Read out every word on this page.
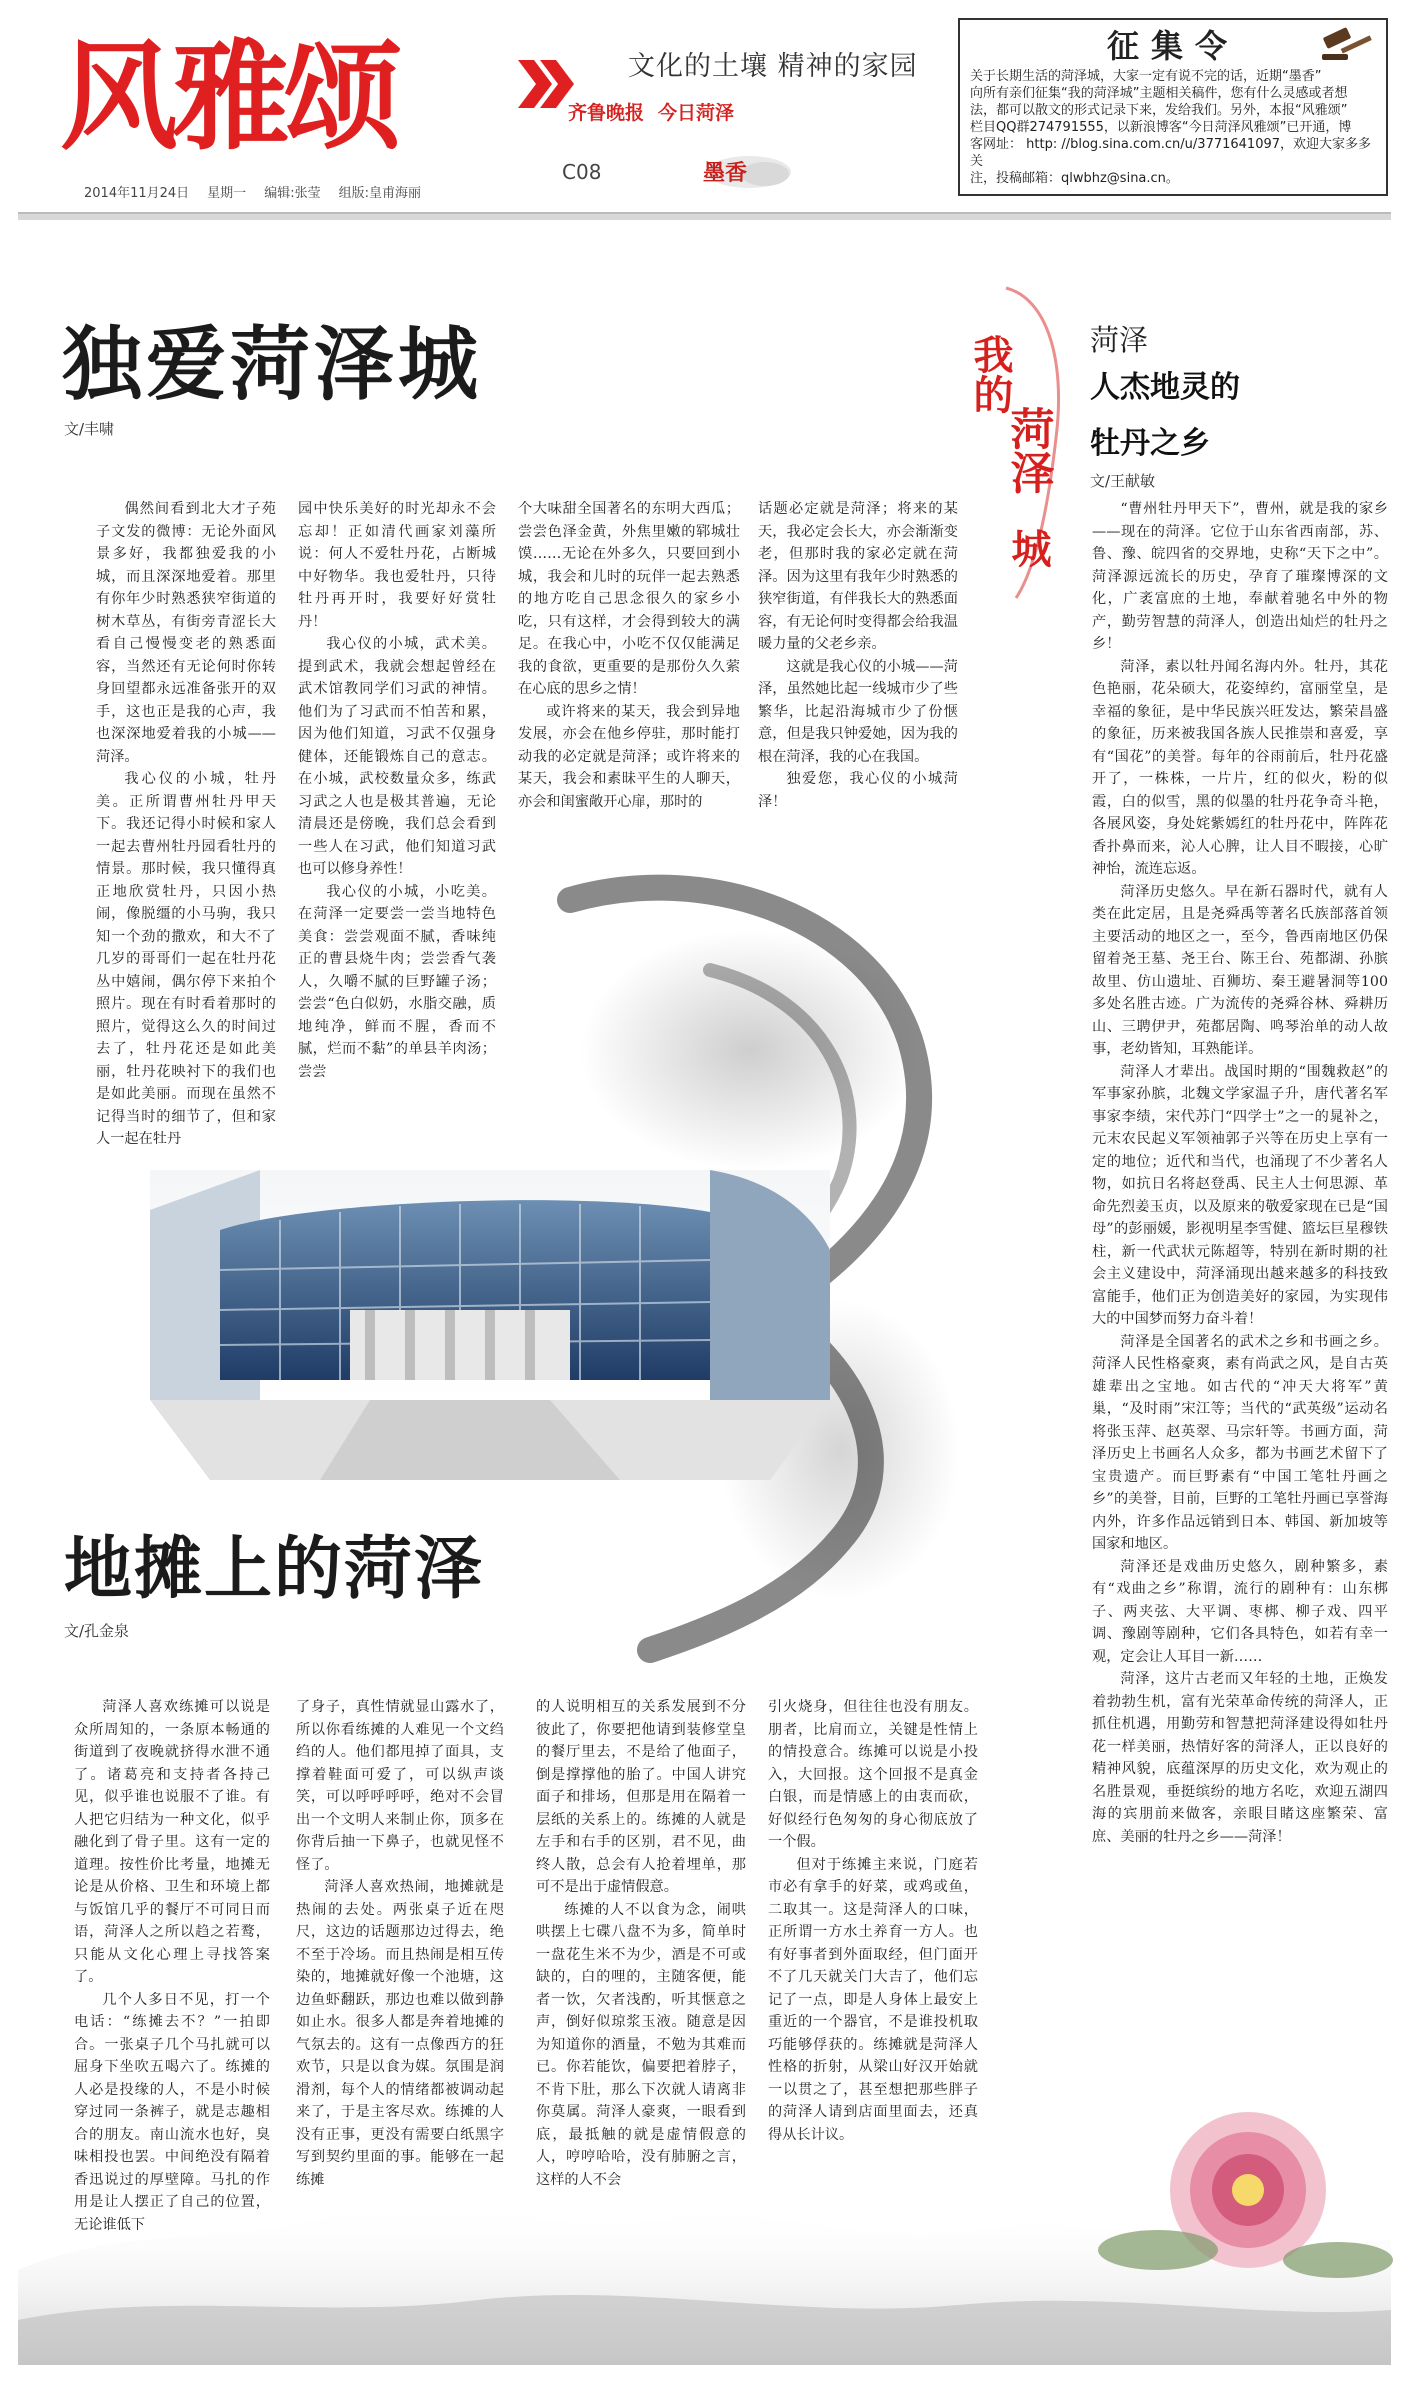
风雅颂	文化的土壤 精神的家园
齐鲁晚报 今日菏泽
C08	墨香
2014年11月24日 星期一 编辑:张莹 组版:皇甫海丽
征集令

关于长期生活的菏泽城，大家一定有说不完的话，近期“墨香”

向所有亲们征集“我的菏泽城”主题相关稿件，您有什么灵感或者想

法，都可以散文的形式记录下来，发给我们。另外，本报“风雅颂”

栏目QQ群274791555，以新浪博客“今日菏泽风雅颂”已开通，博

客网址： http: //blog.sina.com.cn/u/3771641097，欢迎大家多多关

注，投稿邮箱：qlwbhz@sina.cn。

独爱菏泽城
文/丰啸

偶然间看到北大才子苑子文发的微博：无论外面风景多好，我都独爱我的小城，而且深深地爱着。那里有你年少时熟悉狭窄街道的树木草丛，有街旁青涩长大看自己慢慢变老的熟悉面容，当然还有无论何时你转身回望都永远准备张开的双手，这也正是我的心声，我也深深地爱着我的小城——菏泽。

我心仪的小城，牡丹美。正所谓曹州牡丹甲天下。我还记得小时候和家人一起去曹州牡丹园看牡丹的情景。那时候，我只懂得真正地欣赏牡丹，只因小热闹，像脱缰的小马驹，我只知一个劲的撒欢，和大不了几岁的哥哥们一起在牡丹花丛中嬉闹，偶尔停下来拍个照片。现在有时看着那时的照片，觉得这么久的时间过去了，牡丹花还是如此美丽，牡丹花映衬下的我们也是如此美丽。而现在虽然不记得当时的细节了，但和家人一起在牡丹

园中快乐美好的时光却永不会忘却！正如清代画家刘藻所说：何人不爱牡丹花，占断城中好物华。我也爱牡丹，只待牡丹再开时，我要好好赏牡丹！

我心仪的小城，武术美。提到武术，我就会想起曾经在武术馆教同学们习武的神情。他们为了习武而不怕苦和累，因为他们知道，习武不仅强身健体，还能锻炼自己的意志。在小城，武校数量众多，练武习武之人也是极其普遍，无论清晨还是傍晚，我们总会看到一些人在习武，他们知道习武也可以修身养性！

我心仪的小城，小吃美。在菏泽一定要尝一尝当地特色美食：尝尝观面不腻，香味纯正的曹县烧牛肉；尝尝香气袭人，久嚼不腻的巨野罐子汤；尝尝“色白似奶，水脂交融，质地纯净，鲜而不腥，香而不腻，烂而不黏”的单县羊肉汤；尝尝

个大味甜全国著名的东明大西瓜；尝尝色泽金黄，外焦里嫩的郓城壮馍……无论在外多久，只要回到小城，我会和儿时的玩伴一起去熟悉的地方吃自己思念很久的家乡小吃，只有这样，才会得到较大的满足。在我心中，小吃不仅仅能满足我的食欲，更重要的是那份久久萦在心底的思乡之情！

或许将来的某天，我会到异地发展，亦会在他乡停驻，那时能打动我的必定就是菏泽；或许将来的某天，我会和素昧平生的人聊天，亦会和闺蜜敞开心扉，那时的

话题必定就是菏泽；将来的某天，我必定会长大，亦会渐渐变老，但那时我的家必定就在菏泽。因为这里有我年少时熟悉的狭窄街道，有伴我长大的熟悉面容，有无论何时变得都会给我温暖力量的父老乡亲。

这就是我心仪的小城——菏泽，虽然她比起一线城市少了些繁华，比起沿海城市少了份惬意，但是我只钟爱她，因为我的根在菏泽，我的心在我国。

独爱您，我心仪的小城菏泽！

地摊上的菏泽
文/孔金泉

菏泽人喜欢练摊可以说是众所周知的，一条原本畅通的街道到了夜晚就挤得水泄不通了。诸葛亮和支持者各持己见，似乎谁也说服不了谁。有人把它归结为一种文化，似乎融化到了骨子里。这有一定的道理。按性价比考量，地摊无论是从价格、卫生和环境上都与饭馆几乎的餐厅不可同日而语，菏泽人之所以趋之若鹜，只能从文化心理上寻找答案了。

几个人多日不见，打一个电话：“练摊去不？”一拍即合。一张桌子几个马扎就可以屈身下坐吹五喝六了。练摊的人必是投缘的人，不是小时候穿过同一条裤子，就是志趣相合的朋友。南山流水也好，臭味相投也罢。中间绝没有隔着香迅说过的厚壁障。马扎的作用是让人摆正了自己的位置，无论谁低下

了身子，真性情就显山露水了，所以你看练摊的人难见一个文绉绉的人。他们都甩掉了面具，支撑着鞋面可爱了，可以纵声谈笑，可以呼呼呼呼，绝对不会冒出一个文明人来制止你，顶多在你背后抽一下鼻子，也就见怪不怪了。

菏泽人喜欢热闹，地摊就是热闹的去处。两张桌子近在咫尺，这边的话题那边过得去，绝不至于冷场。而且热闹是相互传染的，地摊就好像一个池塘，这边鱼虾翻跃，那边也难以做到静如止水。很多人都是奔着地摊的气氛去的。这有一点像西方的狂欢节，只是以食为媒。氛围是润滑剂，每个人的情绪都被调动起来了，于是主客尽欢。练摊的人没有正事，更没有需要白纸黑字写到契约里面的事。能够在一起练摊

的人说明相互的关系发展到不分彼此了，你要把他请到装修堂皇的餐厅里去，不是给了他面子，倒是撑撑他的胎了。中国人讲究面子和排场，但那是用在隔着一层纸的关系上的。练摊的人就是左手和右手的区别，君不见，曲终人散，总会有人抢着埋单，那可不是出于虚情假意。

练摊的人不以食为念，闹哄哄摆上七碟八盘不为多，简单时一盘花生米不为少，酒是不可或缺的，白的哩的，主随客便，能者一饮，欠者浅酌，听其惬意之声，倒好似琼浆玉液。随意是因为知道你的酒量，不勉为其难而已。你若能饮，偏要把着脖子，不肯下肚，那么下次就人请离非你莫属。菏泽人豪爽，一眼看到底，最抵触的就是虚情假意的人，哼哼哈哈，没有肺腑之言，这样的人不会

引火烧身，但往往也没有朋友。朋者，比肩而立，关键是性情上的情投意合。练摊可以说是小投入，大回报。这个回报不是真金白银，而是情感上的由衷而砍，好似经行色匆匆的身心彻底放了一个假。

但对于练摊主来说，门庭若市必有拿手的好菜，或鸡或鱼，二取其一。这是菏泽人的口味，正所谓一方水土养育一方人。也有好事者到外面取经，但门面开不了几天就关门大吉了，他们忘记了一点，即是人身体上最安上重近的一个器官，不是谁投机取巧能够俘获的。练摊就是菏泽人性格的折射，从梁山好汉开始就一以贯之了，甚至想把那些胖子的菏泽人请到店面里面去，还真得从长计议。

我的
菏泽
城
菏泽
人杰地灵的
牡丹之乡
文/王献敏

“曹州牡丹甲天下”，曹州，就是我的家乡——现在的菏泽。它位于山东省西南部，苏、鲁、豫、皖四省的交界地，史称“天下之中”。菏泽源远流长的历史，孕育了璀璨博深的文化，广袤富庶的土地，奉献着驰名中外的物产，勤劳智慧的菏泽人，创造出灿烂的牡丹之乡！

菏泽，素以牡丹闻名海内外。牡丹，其花色艳丽，花朵硕大，花姿绰约，富丽堂皇，是幸福的象征，是中华民族兴旺发达，繁荣昌盛的象征，历来被我国各族人民推崇和喜爱，享有“国花”的美誉。每年的谷雨前后，牡丹花盛开了，一株株，一片片，红的似火，粉的似霞，白的似雪，黑的似墨的牡丹花争奇斗艳，各展风姿，身处姹紫嫣红的牡丹花中，阵阵花香扑鼻而来，沁人心脾，让人目不暇接，心旷神怡，流连忘返。

菏泽历史悠久。早在新石器时代，就有人类在此定居，且是尧舜禹等著名氏族部落首领主要活动的地区之一，至今，鲁西南地区仍保留着尧王墓、尧王台、陈王台、苑都湖、孙膑故里、仿山遗址、百狮坊、秦王避暑洞等100多处名胜古迹。广为流传的尧舜谷林、舜耕历山、三聘伊尹，苑都居陶、鸣琴治单的动人故事，老幼皆知，耳熟能详。

菏泽人才辈出。战国时期的“围魏救赵”的军事家孙膑，北魏文学家温子升，唐代著名军事家李绩，宋代苏门“四学士”之一的晁补之，元末农民起义军领袖郭子兴等在历史上享有一定的地位；近代和当代，也涌现了不少著名人物，如抗日名将赵登禹、民主人士何思源、革命先烈姜玉贞，以及原来的敬爱家现在已是“国母”的彭丽媛，影视明星李雪健、篮坛巨星穆铁柱，新一代武状元陈超等，特别在新时期的社会主义建设中，菏泽涌现出越来越多的科技致富能手，他们正为创造美好的家园，为实现伟大的中国梦而努力奋斗着！

菏泽是全国著名的武术之乡和书画之乡。菏泽人民性格豪爽，素有尚武之风，是自古英雄辈出之宝地。如古代的“冲天大将军”黄巢，“及时雨”宋江等；当代的“武英级”运动名将张玉萍、赵英翠、马宗轩等。书画方面，菏泽历史上书画名人众多，都为书画艺术留下了宝贵遗产。而巨野素有“中国工笔牡丹画之乡”的美誉，目前，巨野的工笔牡丹画已享誉海内外，许多作品远销到日本、韩国、新加坡等国家和地区。

菏泽还是戏曲历史悠久，剧种繁多，素有“戏曲之乡”称谓，流行的剧种有：山东梆子、两夹弦、大平调、枣梆、柳子戏、四平调、豫剧等剧种，它们各具特色，如若有幸一观，定会让人耳目一新……

菏泽，这片古老而又年轻的土地，正焕发着勃勃生机，富有光荣革命传统的菏泽人，正抓住机遇，用勤劳和智慧把菏泽建设得如牡丹花一样美丽，热情好客的菏泽人，正以良好的精神风貌，底蕴深厚的历史文化，欢为观止的名胜景观，垂挺缤纷的地方名吃，欢迎五湖四海的宾朋前来做客，亲眼目睹这座繁荣、富庶、美丽的牡丹之乡——菏泽！
